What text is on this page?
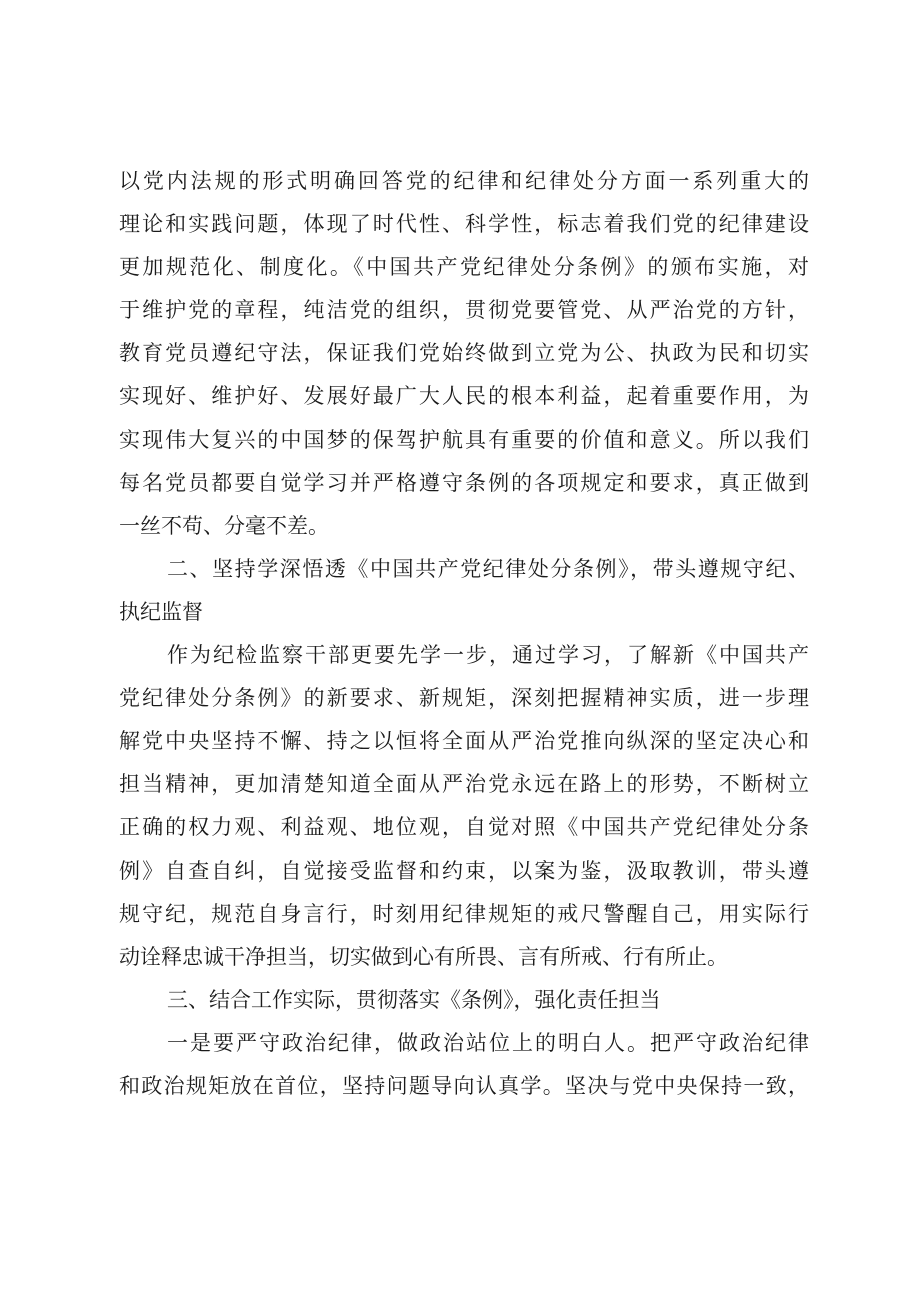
以党内法规的形式明确回答党的纪律和纪律处分方面一系列重大的
理论和实践问题，体现了时代性、科学性，标志着我们党的纪律建设
更加规范化、制度化。《中国共产党纪律处分条例》的颁布实施，对
于维护党的章程，纯洁党的组织，贯彻党要管党、从严治党的方针，
教育党员遵纪守法，保证我们党始终做到立党为公、执政为民和切实
实现好、维护好、发展好最广大人民的根本利益，起着重要作用，为
实现伟大复兴的中国梦的保驾护航具有重要的价值和意义。所以我们
每名党员都要自觉学习并严格遵守条例的各项规定和要求，真正做到
一丝不苟、分毫不差。
二、坚持学深悟透《中国共产党纪律处分条例》，带头遵规守纪、
执纪监督
作为纪检监察干部更要先学一步，通过学习，了解新《中国共产
党纪律处分条例》的新要求、新规矩，深刻把握精神实质，进一步理
解党中央坚持不懈、持之以恒将全面从严治党推向纵深的坚定决心和
担当精神，更加清楚知道全面从严治党永远在路上的形势，不断树立
正确的权力观、利益观、地位观，自觉对照《中国共产党纪律处分条
例》自查自纠，自觉接受监督和约束，以案为鉴，汲取教训，带头遵
规守纪，规范自身言行，时刻用纪律规矩的戒尺警醒自己，用实际行
动诠释忠诚干净担当，切实做到心有所畏、言有所戒、行有所止。
三、结合工作实际，贯彻落实《条例》，强化责任担当
一是要严守政治纪律，做政治站位上的明白人。把严守政治纪律
和政治规矩放在首位，坚持问题导向认真学。坚决与党中央保持一致，
